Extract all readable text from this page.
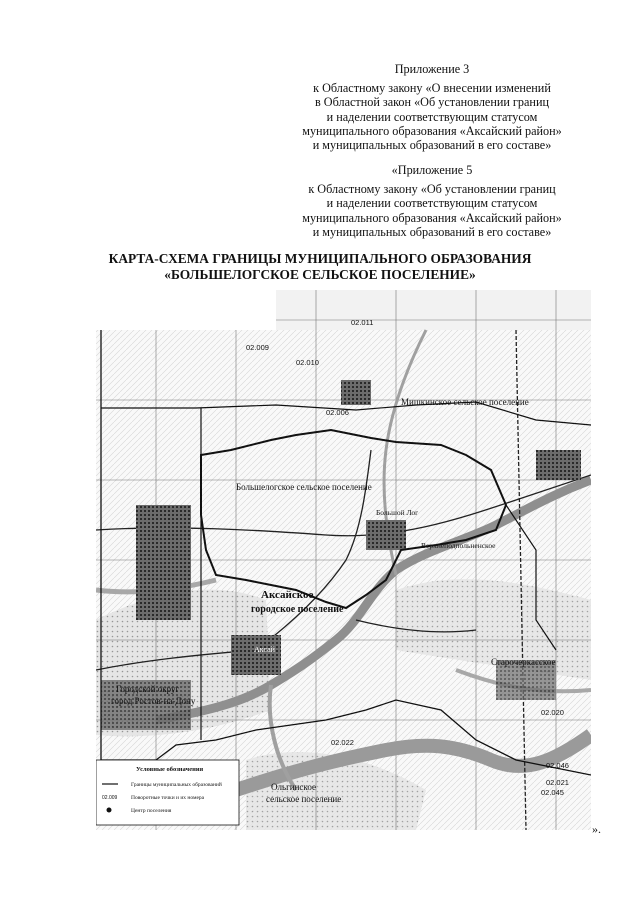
Приложение 3
к Областному закону «О внесении изменений
в Областной закон «Об установлении границ
и наделении соответствующим статусом
муниципального образования «Аксайский район»
и муниципальных образований в его составе»
«Приложение 5
к Областному закону «Об установлении границ
и наделении соответствующим статусом
муниципального образования «Аксайский район»
и муниципальных образований в его составе»
КАРТА-СХЕМА ГРАНИЦЫ МУНИЦИПАЛЬНОГО ОБРАЗОВАНИЯ
«БОЛЬШЕЛОГСКОЕ СЕЛЬСКОЕ ПОСЕЛЕНИЕ»
02.009
02.010
02.011
02.006
02.020
02.021
02.022
02.045
02.046
Мишкинское сельское поселение
Большелогское сельское поселение
Аксайское
городское поселение
Старочеркасское
Городской округ
город Ростов-на-Дону
Ольгинское
сельское поселение
Аксай
Верхнеподпольненское
Большой Лог
Условные обозначения
Границы муниципальных образований
02.009 Поворотные точки и их номера
Центр поселения
».
